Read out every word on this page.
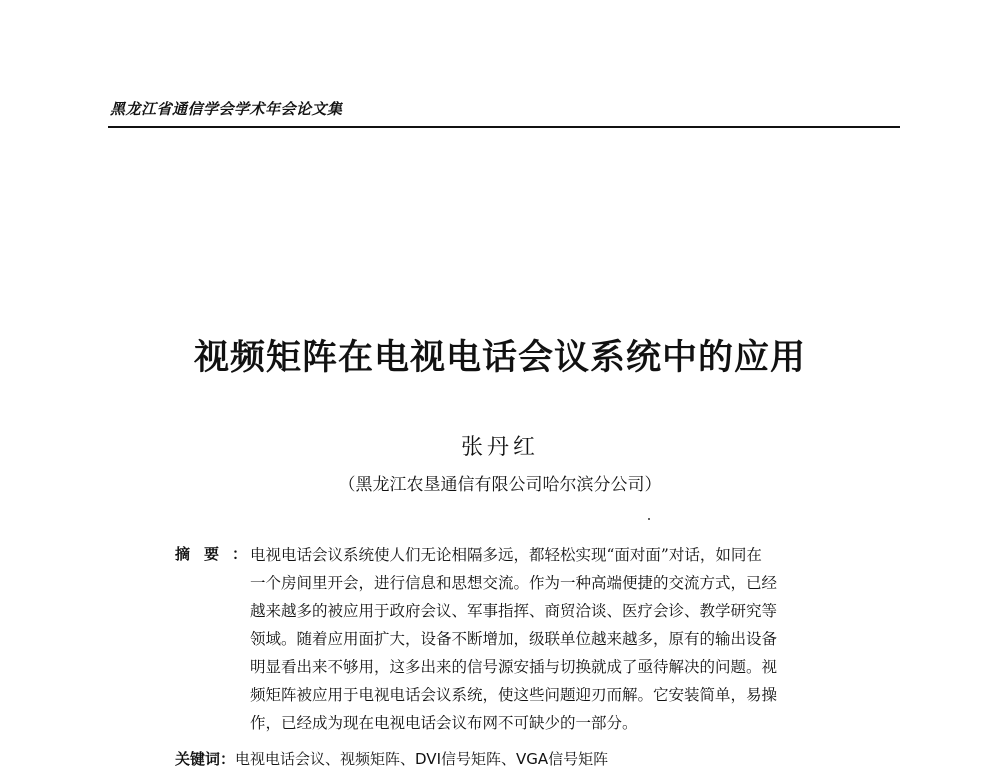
黑龙江省通信学会学术年会论文集
视频矩阵在电视电话会议系统中的应用
张丹红
（黑龙江农垦通信有限公司哈尔滨分公司）
摘要
： 电视电话会议系统使人们无论相隔多远，都轻松实现“面对面”对话，如同在
一个房间里开会，进行信息和思想交流。作为一种高端便捷的交流方式，已经
越来越多的被应用于政府会议、军事指挥、商贸洽谈、医疗会诊、教学研究等
领域。随着应用面扩大，设备不断增加，级联单位越来越多，原有的输出设备
明显看出来不够用，这多出来的信号源安插与切换就成了亟待解决的问题。视
频矩阵被应用于电视电话会议系统，使这些问题迎刃而解。它安装简单，易操
作，已经成为现在电视电话会议布网不可缺少的一部分。
关键词：电视电话会议、视频矩阵、DVI信号矩阵、VGA信号矩阵
